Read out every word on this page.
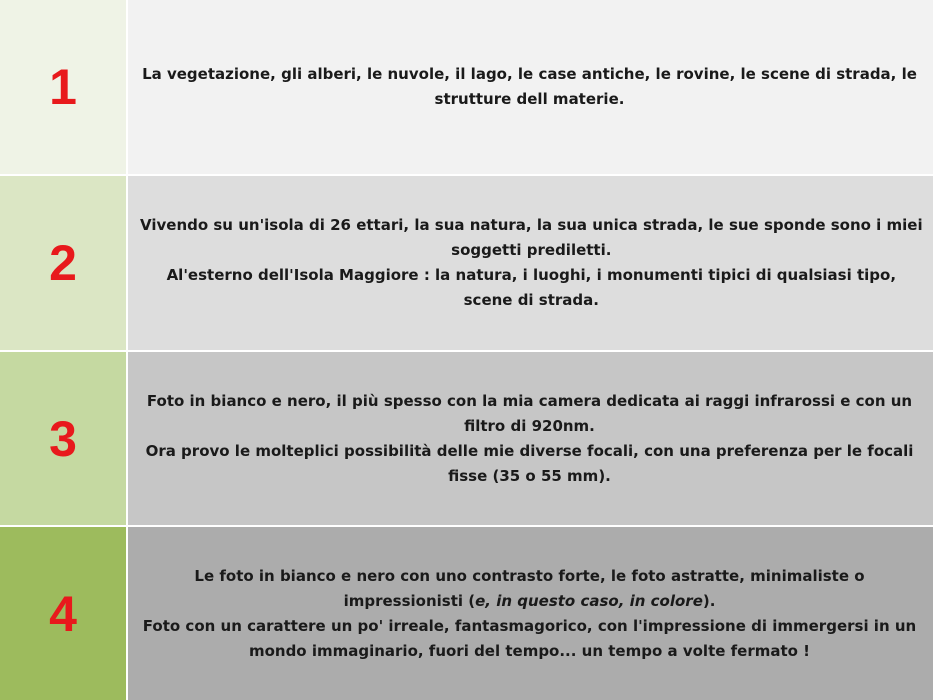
1	La vegetazione, gli alberi, le nuvole, il lago, le case antiche, le rovine, le scene di strada, le
strutture dell materie.
2
Vivendo su un'isola di 26 ettari, la sua natura, la sua unica strada, le sue sponde sono i miei
soggetti prediletti.
Al'esterno dell'Isola Maggiore : la natura, i luoghi, i monumenti tipici di qualsiasi tipo,
scene di strada.
3
Foto in bianco e nero, il più spesso con la mia camera dedicata ai raggi infrarossi e con un
filtro di 920nm.
Ora provo le molteplici possibilità delle mie diverse focali, con una preferenza per le focali
fisse (35 o 55 mm).
4
Le foto in bianco e nero con uno contrasto forte, le foto astratte, minimaliste o
impressionisti (e, in questo caso, in colore).
Foto con un carattere un po' irreale, fantasmagorico, con l'impressione di immergersi in un
mondo immaginario, fuori del tempo... un tempo a volte fermato !
